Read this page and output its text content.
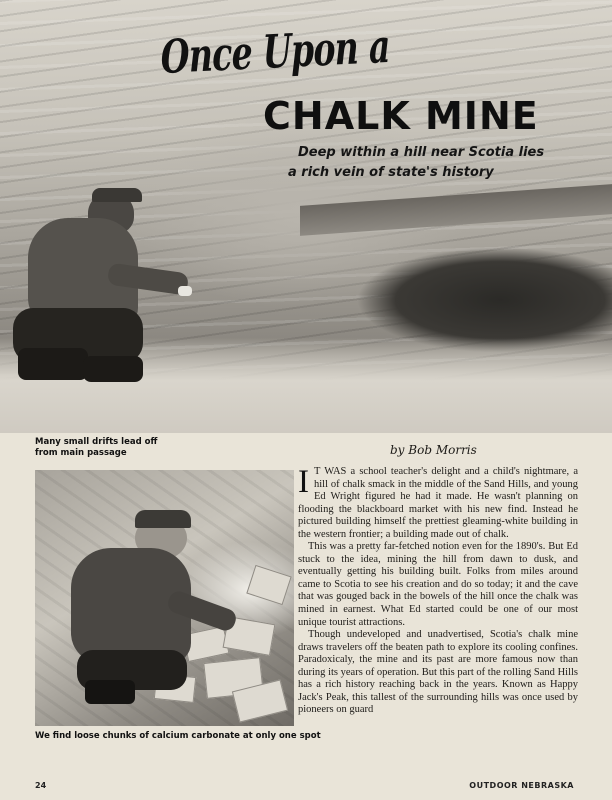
Once Upon a
CHALK MINE
Deep within a hill near Scotia lies
a rich vein of state's history
Many small drifts lead off from main passage	by Bob Morris
We find loose chunks of calcium carbonate at only one spot

I T WAS a school teacher's delight and a child's nightmare, a hill of chalk smack in the middle of the Sand Hills, and young Ed Wright figured he had it made. He wasn't planning on flooding the blackboard market with his new find. Instead he pictured building himself the prettiest gleaming-white building in the western frontier; a building made out of chalk.

This was a pretty far-fetched notion even for the 1890's. But Ed stuck to the idea, mining the hill from dawn to dusk, and eventually getting his building built. Folks from miles around came to Scotia to see his creation and do so today; it and the cave that was gouged back in the bowels of the hill once the chalk was mined in earnest. What Ed started could be one of our most unique tourist attractions.

Though undeveloped and unadvertised, Scotia's chalk mine draws travelers off the beaten path to explore its cooling confines. Paradoxicaly, the mine and its past are more famous now than during its years of operation. But this part of the rolling Sand Hills has a rich history reaching back in the years. Known as Happy Jack's Peak, this tallest of the surrounding hills was once used by pioneers on guard

24	OUTDOOR NEBRASKA
